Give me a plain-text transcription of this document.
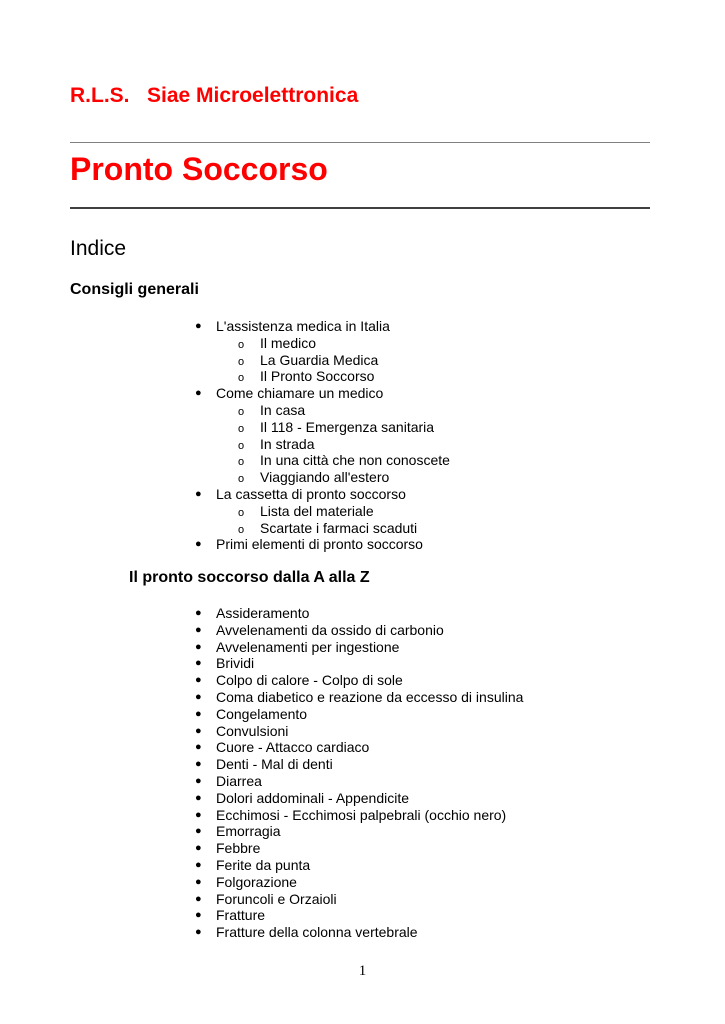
R.L.S.   Siae Microelettronica
Pronto Soccorso
Indice
Consigli generali
● L'assistenza medica in Italia
o Il medico
o La Guardia Medica
o Il Pronto Soccorso
● Come chiamare un medico
o In casa
o Il 118 - Emergenza sanitaria
o In strada
o In una città che non conoscete
o Viaggiando all'estero
● La cassetta di pronto soccorso
o Lista del materiale
o Scartate i farmaci scaduti
● Primi elementi di pronto soccorso
Il pronto soccorso dalla A alla Z
● Assideramento
● Avvelenamenti da ossido di carbonio
● Avvelenamenti per ingestione
● Brividi
● Colpo di calore - Colpo di sole
● Coma diabetico e reazione da eccesso di insulina
● Congelamento
● Convulsioni
● Cuore - Attacco cardiaco
● Denti - Mal di denti
● Diarrea
● Dolori addominali - Appendicite
● Ecchimosi - Ecchimosi palpebrali (occhio nero)
● Emorragia
● Febbre
● Ferite da punta
● Folgorazione
● Foruncoli e Orzaioli
● Fratture
● Fratture della colonna vertebrale
1
